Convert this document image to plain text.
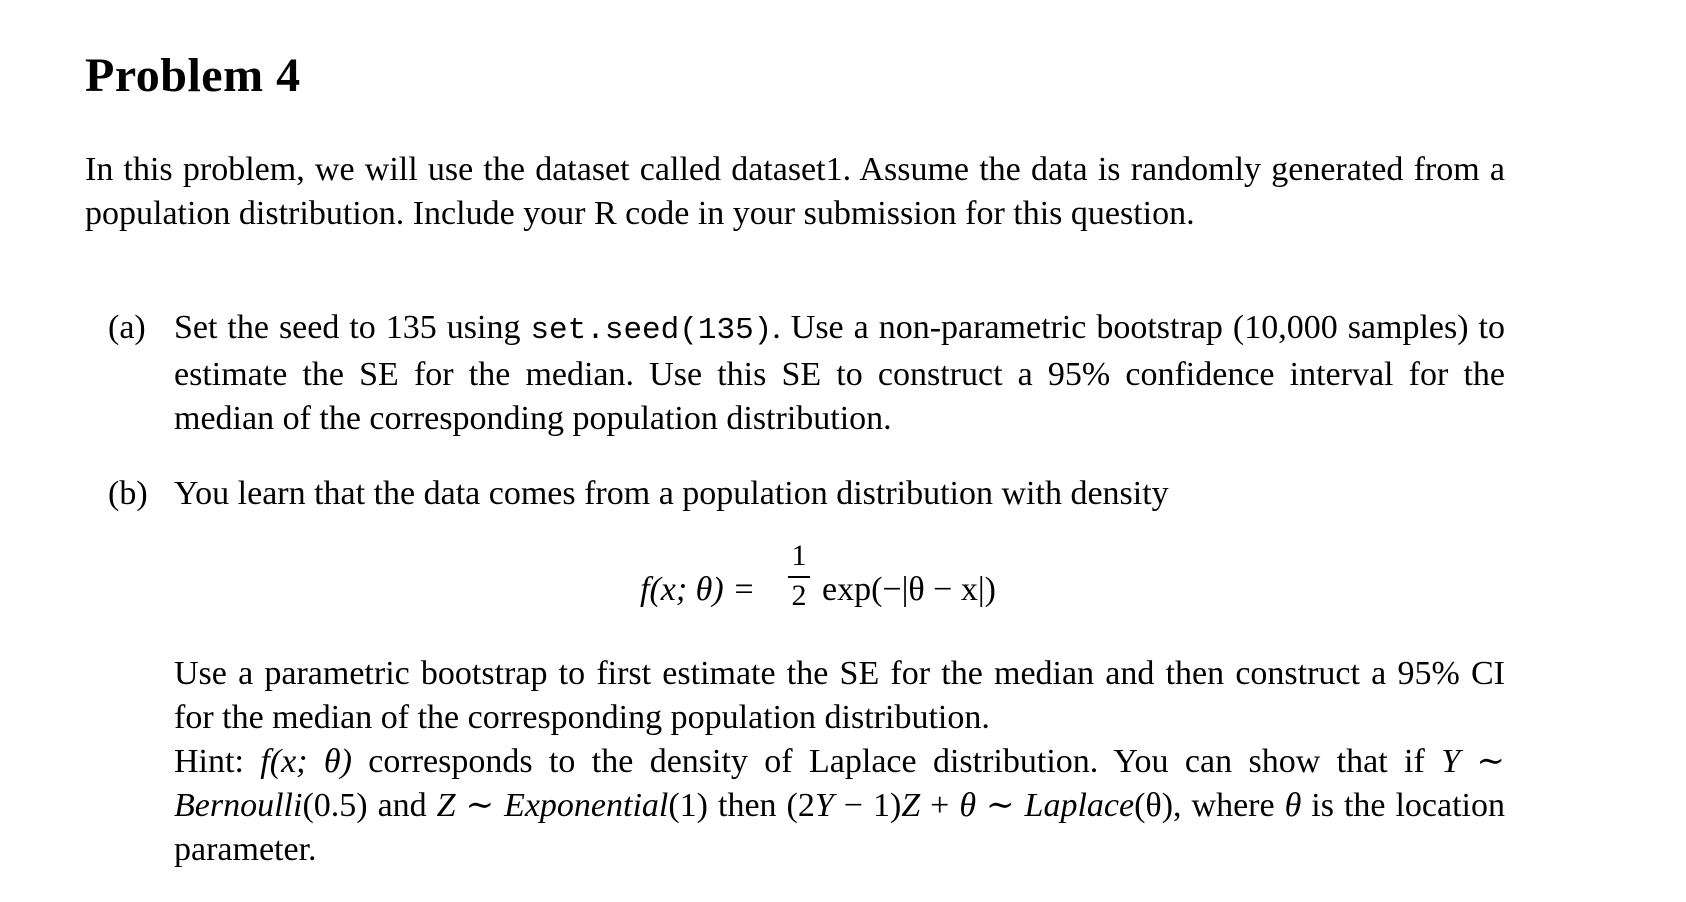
Problem 4
In this problem, we will use the dataset called dataset1. Assume the data is randomly generated from a population distribution. Include your R code in your submission for this question.
(a) Set the seed to 135 using set.seed(135). Use a non-parametric bootstrap (10,000 samples) to estimate the SE for the median. Use this SE to construct a 95% confidence interval for the median of the corresponding population distribution.
(b) You learn that the data comes from a population distribution with density
f(x; θ) =
1
2 exp(−|θ − x|)
Use a parametric bootstrap to first estimate the SE for the median and then construct a 95% CI for the median of the corresponding population distribution.
Hint: f(x; θ) corresponds to the density of Laplace distribution. You can show that if Y ∼ Bernoulli(0.5) and Z ∼ Exponential(1) then (2Y − 1)Z + θ ∼ Laplace(θ), where θ is the location parameter.
